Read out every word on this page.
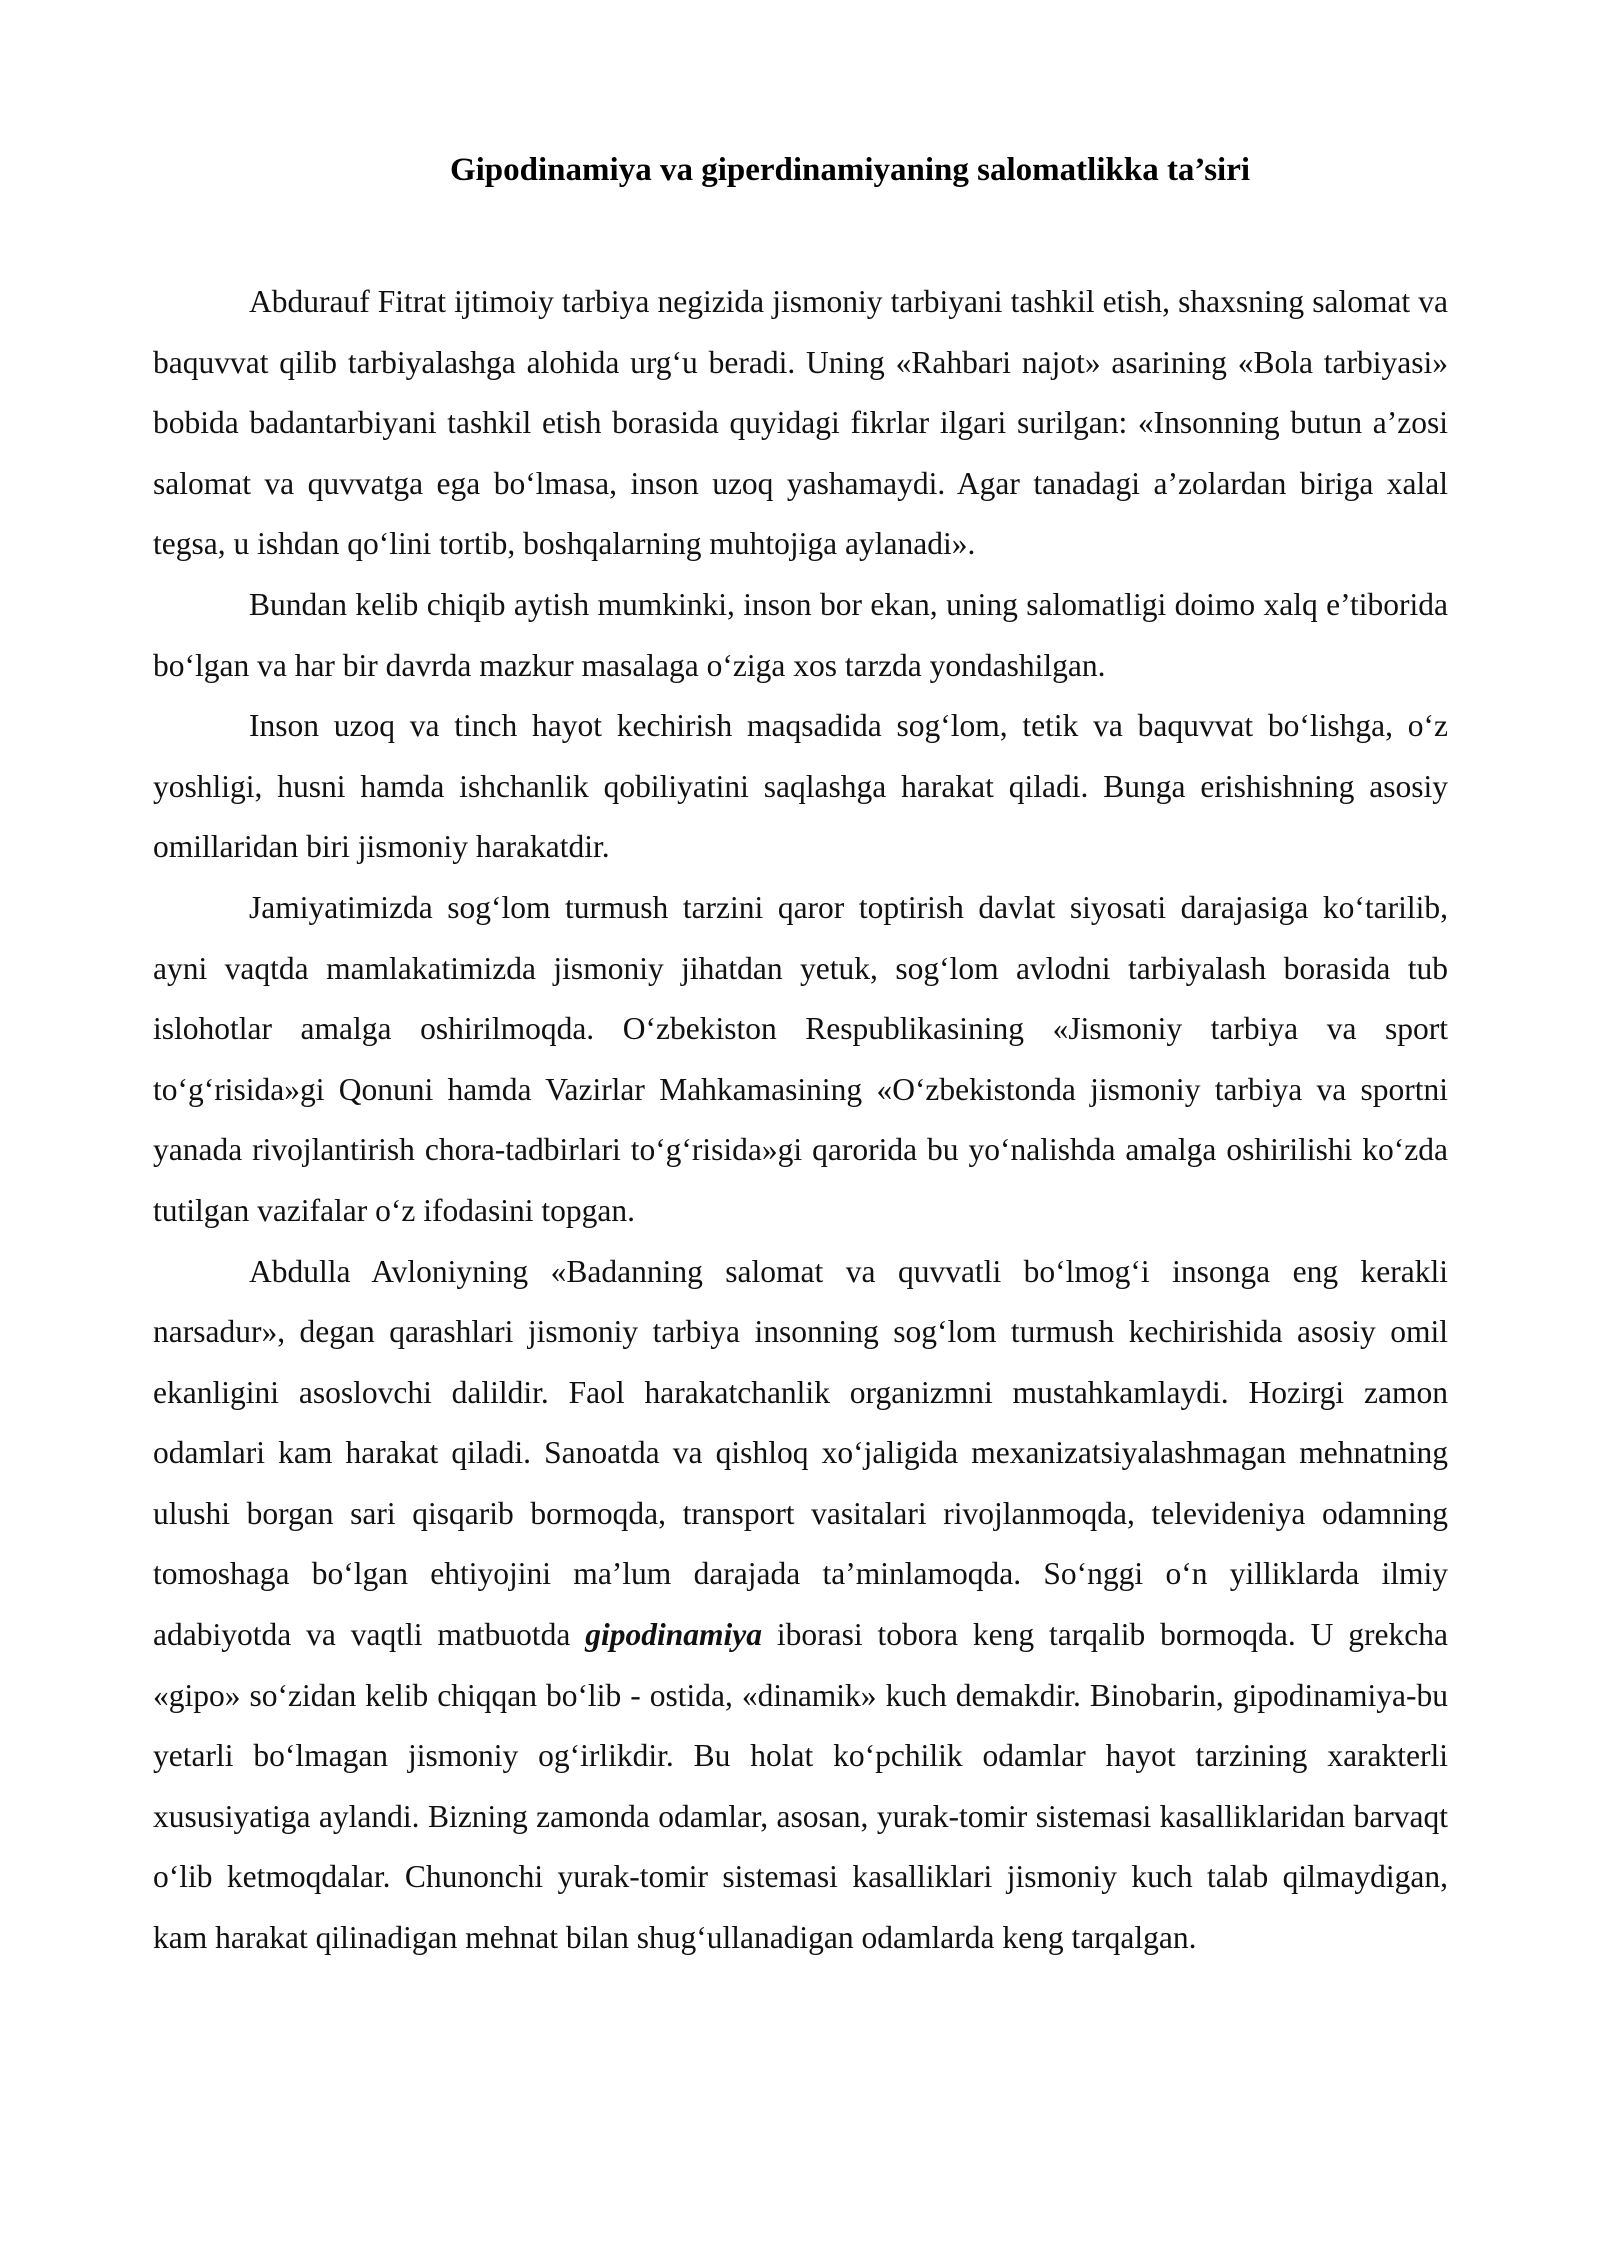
Gipodinamiya va giperdinamiyaning salomatlikka ta’siri

Abdurauf Fitrat ijtimoiy tarbiya negizida jismoniy tarbiyani tashkil etish, shaxsning salomat va baquvvat qilib tarbiyalashga alohida urg‘u beradi. Uning «Rahbari najot» asarining «Bola tarbiyasi» bobida badantarbiyani tashkil etish borasida quyidagi fikrlar ilgari surilgan: «Insonning butun a’zosi salomat va quvvatga ega bo‘lmasa, inson uzoq yashamaydi. Agar tanadagi a’zolardan biriga xalal tegsa, u ishdan qo‘lini tortib, boshqalarning muhtojiga aylanadi».

Bundan kelib chiqib aytish mumkinki, inson bor ekan, uning salomatligi doimo xalq e’tiborida bo‘lgan va har bir davrda mazkur masalaga o‘ziga xos tarzda yondashilgan.

Inson uzoq va tinch hayot kechirish maqsadida sog‘lom, tetik va baquvvat bo‘lishga, o‘z yoshligi, husni hamda ishchanlik qobiliyatini saqlashga harakat qiladi. Bunga erishishning asosiy omillaridan biri jismoniy harakatdir.

Jamiyatimizda sog‘lom turmush tarzini qaror toptirish davlat siyosati darajasiga ko‘tarilib, ayni vaqtda mamlakatimizda jismoniy jihatdan yetuk, sog‘lom avlodni tarbiyalash borasida tub islohotlar amalga oshirilmoqda. O‘zbekiston Respublikasining «Jismoniy tarbiya va sport to‘g‘risida»gi Qonuni hamda Vazirlar Mahkamasining «O‘zbekistonda jismoniy tarbiya va sportni yanada rivojlantirish chora-tadbirlari to‘g‘risida»gi qarorida bu yo‘nalishda amalga oshirilishi ko‘zda tutilgan vazifalar o‘z ifodasini topgan.

Abdulla Avloniyning «Badanning salomat va quvvatli bo‘lmog‘i insonga eng kerakli narsadur», degan qarashlari jismoniy tarbiya insonning sog‘lom turmush kechirishida asosiy omil ekanligini asoslovchi dalildir. Faol harakatchanlik organizmni mustahkamlaydi. Hozirgi zamon odamlari kam harakat qiladi. Sanoatda va qishloq xo‘jaligida mexanizatsiyalashmagan mehnatning ulushi borgan sari qisqarib bormoqda, transport vasitalari rivojlanmoqda, televideniya odamning tomoshaga bo‘lgan ehtiyojini ma’lum darajada ta’minlamoqda. So‘nggi o‘n yilliklarda ilmiy adabiyotda va vaqtli matbuotda gipodinamiya iborasi tobora keng tarqalib bormoqda. U grekcha «gipo» so‘zidan kelib chiqqan bo‘lib - ostida, «dinamik» kuch demakdir. Binobarin, gipodinamiya-bu yetarli bo‘lmagan jismoniy og‘irlikdir. Bu holat ko‘pchilik odamlar hayot tarzining xarakterli xususiyatiga aylandi. Bizning zamonda odamlar, asosan, yurak-tomir sistemasi kasalliklaridan barvaqt o‘lib ketmoqdalar. Chunonchi yurak-tomir sistemasi kasalliklari jismoniy kuch talab qilmaydigan, kam harakat qilinadigan mehnat bilan shug‘ullanadigan odamlarda keng tarqalgan.
